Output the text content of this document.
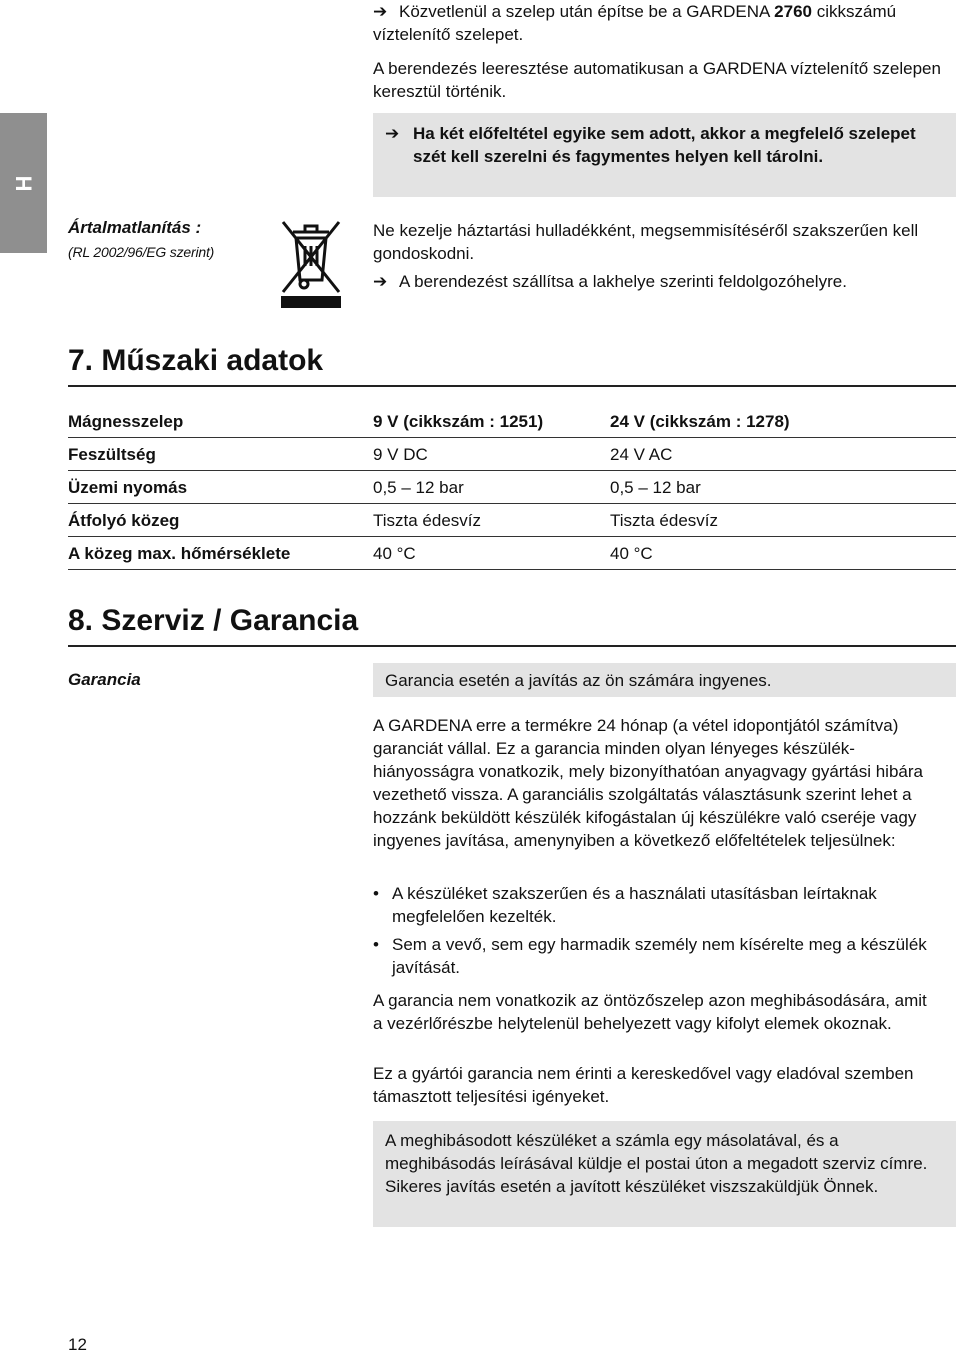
➔ Közvetlenül a szelep után építse be a GARDENA 2760 cikkszámú víztelenítő szelepet.

A berendezés leeresztése automatikusan a GARDENA víztelenítő szelepen keresztül történik.

➔ Ha két előfeltétel egyike sem adott, akkor a megfelelő szelepet szét kell szerelni és fagymentes helyen kell tárolni.
H
Ártalmatlanítás :
(RL 2002/96/EG szerint)

Ne kezelje háztartási hulladékként, megsemmisítéséről szakszerűen kell gondoskodni.

➔ A berendezést szállítsa a lakhelye szerinti feldolgozóhelyre.
7. Műszaki adatok
Mágnesszelep	9 V (cikkszám : 1251)	24 V (cikkszám : 1278)
Feszültség	9 V DC	24 V AC
Üzemi nyomás	0,5 – 12 bar	0,5 – 12 bar
Átfolyó közeg	Tiszta édesvíz	Tiszta édesvíz
A közeg max. hőmérséklete	40 °C	40 °C
8. Szerviz / Garancia
Garancia	Garancia esetén a javítás az ön számára ingyenes.

A GARDENA erre a termékre 24 hónap (a vétel idopontjától számítva) garanciát vállal. Ez a garancia minden olyan lényeges készülék-hiányosságra vonatkozik, mely bizonyíthatóan anyagvagy gyártási hibára vezethető vissza. A garanciális szolgáltatás választásunk szerint lehet a hozzánk beküldött készülék kifogástalan új készülékre való cseréje vagy ingyenes javítása, amenynyiben a következő előfeltételek teljesülnek:

• A készüléket szakszerűen és a használati utasításban leírtaknak megfelelően kezelték.
• Sem a vevő, sem egy harmadik személy nem kísérelte meg a készülék javítását.

A garancia nem vonatkozik az öntözőszelep azon meghibásodására, amit a vezérlőrészbe helytelenül behelyezett vagy kifolyt elemek okoznak.

Ez a gyártói garancia nem érinti a kereskedővel vagy eladóval szemben támasztott teljesítési igényeket.

A meghibásodott készüléket a számla egy másolatával, és a meghibásodás leírásával küldje el postai úton a megadott szerviz címre. Sikeres javítás esetén a javított készüléket viszszaküldjük Önnek.

12
